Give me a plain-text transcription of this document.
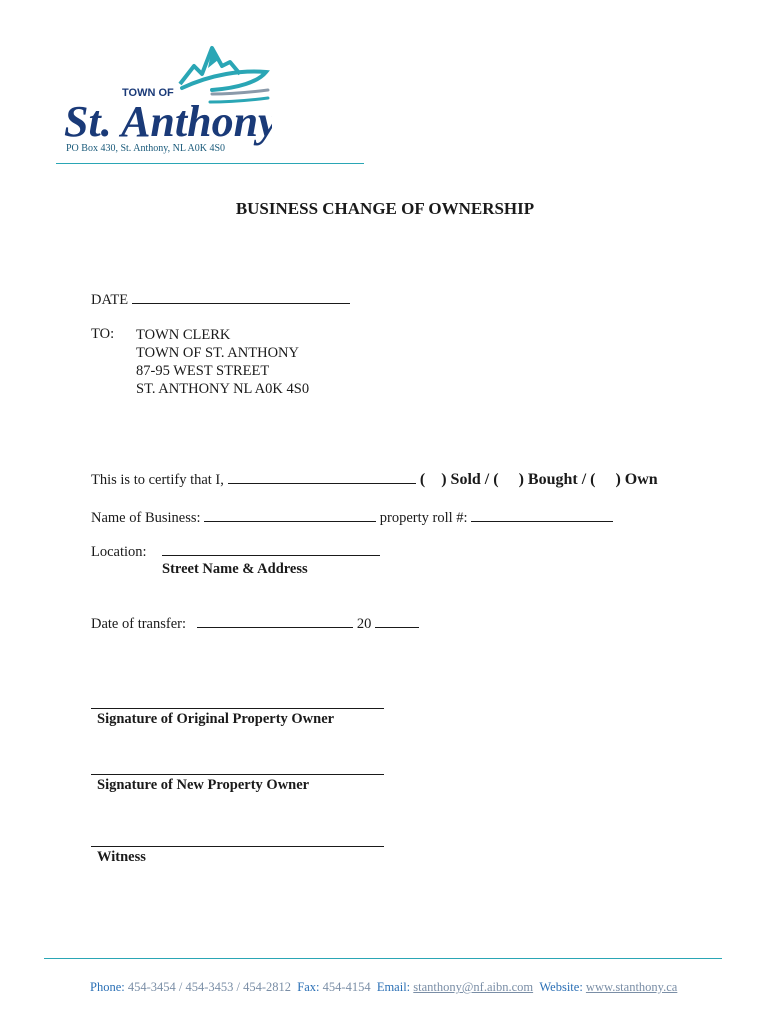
TOWN OF
St. Anthony
PO Box 430, St. Anthony, NL A0K 4S0
BUSINESS CHANGE OF OWNERSHIP
DATE
TO: TOWN CLERK
TOWN OF ST. ANTHONY
87-95 WEST STREET
ST. ANTHONY NL A0K 4S0
This is to certify that I,	(    ) Sold / ( ) Bought / ( ) Own
Name of Business:	property roll #:
Location:
Street Name & Address
Date of transfer:	20
Signature of Original Property Owner
Signature of New Property Owner
Witness
Phone: 454-3454 / 454-3453 / 454-2812 Fax: 454-4154 Email: stanthony@nf.aibn.com Website: www.stanthony.ca
